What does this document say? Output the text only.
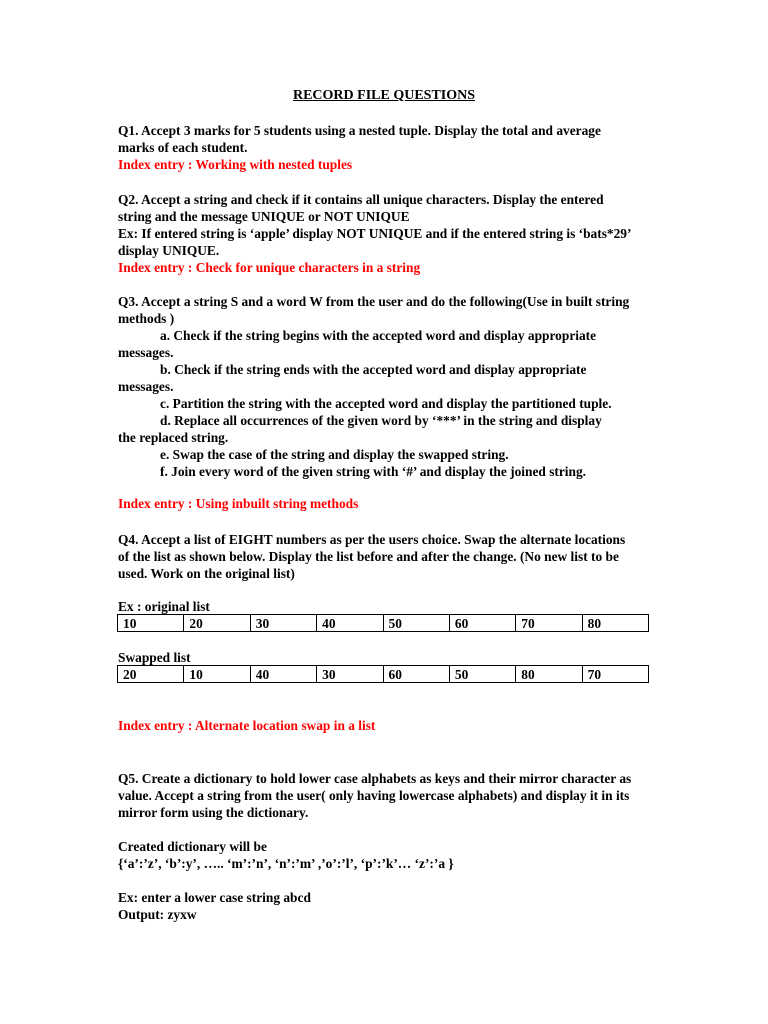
RECORD FILE QUESTIONS

Q1. Accept 3 marks for 5 students using a nested tuple. Display the total and average marks of each student.

Index entry : Working with nested tuples

Q2. Accept a string and check if it contains all unique characters. Display the entered string and the message UNIQUE or NOT UNIQUE

Ex: If entered string is ‘apple’ display NOT UNIQUE and if the entered string is ‘bats*29’ display UNIQUE.

Index entry : Check for unique characters in a string

Q3. Accept a string S and a word W from the user and do the following(Use in built string methods )

a. Check if the string begins with the accepted word and display appropriate

messages.

b. Check if the string ends with the accepted word and display appropriate

messages.

c. Partition the string with the accepted word and display the partitioned tuple.

d. Replace all occurrences of the given word by ‘***’ in the string and display

the replaced string.

e. Swap the case of the string and display the swapped string.

f. Join every word of the given string with ‘#’ and display the joined string.

Index entry : Using inbuilt string methods
Q4. Accept a list of EIGHT numbers as per the users choice. Swap the alternate locations of the list as shown below. Display the list before and after the change. (No new list to be used. Work on the original list)
Ex : original list
10	20	30	40	50	60	70	80
Swapped list
20	10	40	30	60	50	80	70
Index entry : Alternate location swap in a list
Q5. Create a dictionary to hold lower case alphabets as keys and their mirror character as value. Accept a string from the user( only having lowercase alphabets) and display it in its mirror form using the dictionary.
Created dictionary will be
{‘a’:’z’, ‘b’:y’, ….. ‘m’:’n’, ‘n’:’m’ ,’o’:’l’, ‘p’:’k’… ‘z’:’a }
Ex: enter a lower case string abcd
Output: zyxw
